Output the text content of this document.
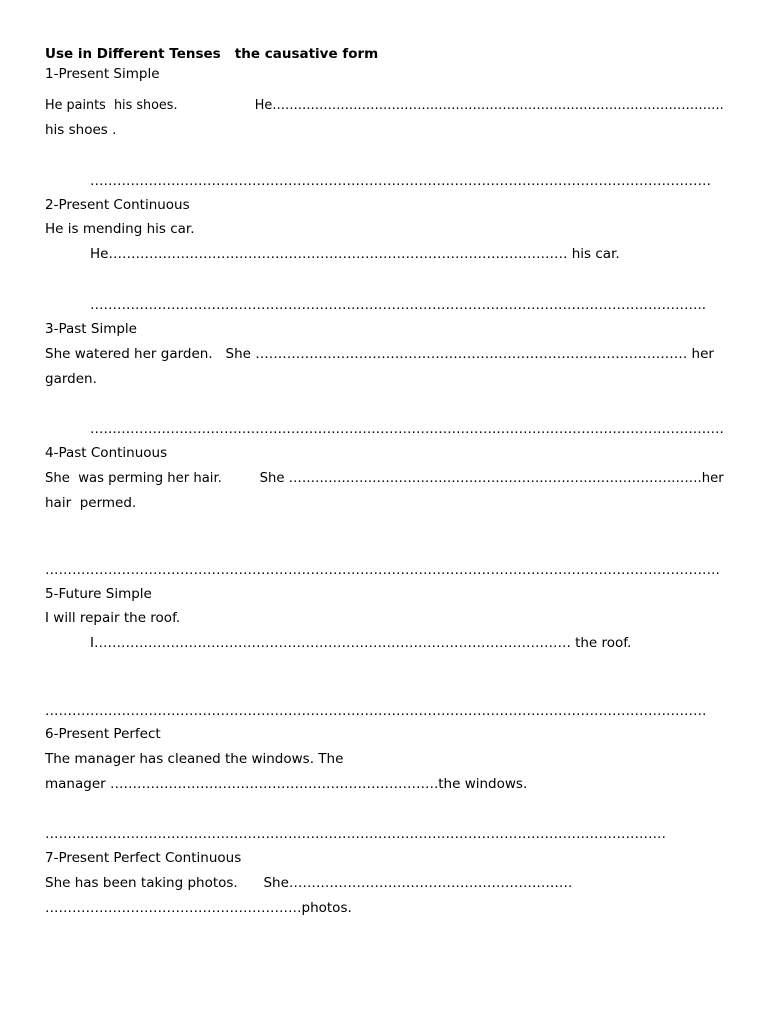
Use in Different Tenses   the causative form
1-Present Simple
He paints  his shoes.                   He…………………………………………………………………………………………….
his shoes .
…………………………………………………………………………………………………………………………
2-Present Continuous
He is mending his car.
He………………………………………………………………………………………… his car.
………………………………………………………………………………………………………………………..
3-Past Simple
She watered her garden.   She …………………………………………………………………………………… her
garden.
…………………………………………………………………………………………………………………………….
4-Past Continuous
She  was perming her hair.         She ………………………………………………………………………………….her
hair  permed.
……………………………………………………………………………………………………………………………………
5-Future Simple
I will repair the roof.
I……………………………………………………………………………………………. the roof.
…………………………………………………………………………………………………………………………………
6-Present Perfect
The manager has cleaned the windows. The
manager ……………………………………………………………….the windows.
…………………………………………………………………………………………………………………………
7-Present Perfect Continuous
She has been taking photos.      She………………………………………………………
…………………………………………………photos.
